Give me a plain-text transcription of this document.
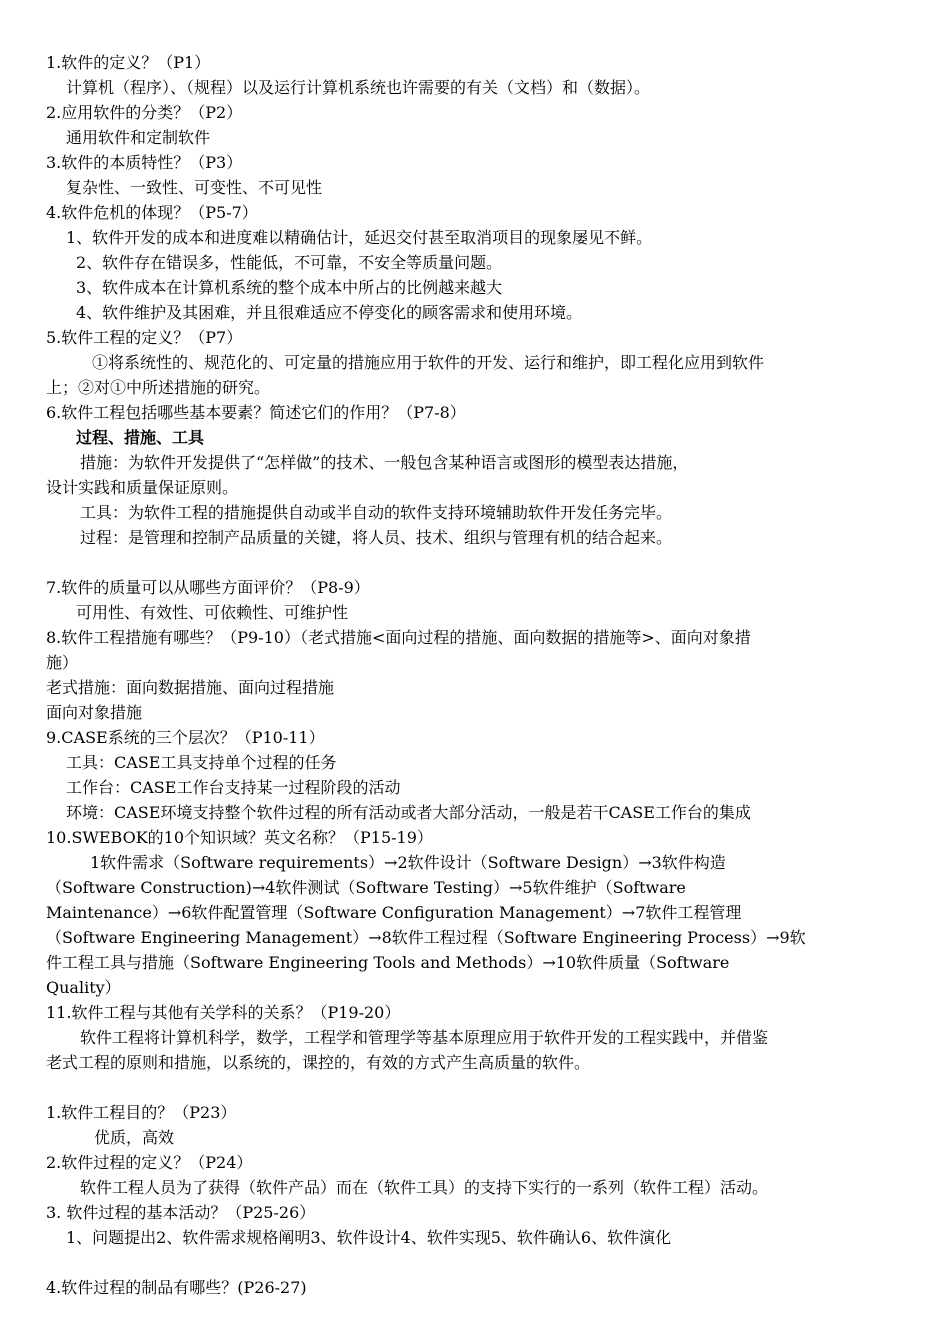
1.软件的定义？（P1）
计算机（程序）、（规程）以及运行计算机系统也许需要的有关（文档）和（数据）。
2.应用软件的分类？（P2）
通用软件和定制软件
3.软件的本质特性？（P3）
复杂性、一致性、可变性、不可见性
4.软件危机的体现？（P5-7）
1、软件开发的成本和进度难以精确估计，延迟交付甚至取消项目的现象屡见不鲜。
2、软件存在错误多，性能低，不可靠，不安全等质量问题。
3、软件成本在计算机系统的整个成本中所占的比例越来越大
4、软件维护及其困难，并且很难适应不停变化的顾客需求和使用环境。
5.软件工程的定义？（P7）
①将系统性的、规范化的、可定量的措施应用于软件的开发、运行和维护，即工程化应用到软件
上；②对①中所述措施的研究。
6.软件工程包括哪些基本要素？简述它们的作用？（P7-8）
过程、措施、工具
措施：为软件开发提供了“怎样做”的技术、一般包含某种语言或图形的模型表达措施，
设计实践和质量保证原则。
工具：为软件工程的措施提供自动或半自动的软件支持环境辅助软件开发任务完毕。
过程：是管理和控制产品质量的关键，将人员、技术、组织与管理有机的结合起来。
7.软件的质量可以从哪些方面评价？（P8-9）
可用性、有效性、可依赖性、可维护性
8.软件工程措施有哪些？（P9-10）（老式措施<面向过程的措施、面向数据的措施等>、面向对象措
施）
老式措施：面向数据措施、面向过程措施
面向对象措施
9.CASE系统的三个层次？（P10-11）
工具：CASE工具支持单个过程的任务
工作台：CASE工作台支持某一过程阶段的活动
环境：CASE环境支持整个软件过程的所有活动或者大部分活动，一般是若干CASE工作台的集成
10.SWEBOK的10个知识域？英文名称？（P15-19）
1软件需求（Software requirements）→2软件设计（Software Design）→3软件构造
（Software Construction)→4软件测试（Software Testing）→5软件维护（Software
Maintenance）→6软件配置管理（Software Configuration Management）→7软件工程管理
（Software Engineering Management）→8软件工程过程（Software Engineering Process）→9软
件工程工具与措施（Software Engineering Tools and Methods）→10软件质量（Software
Quality）
11.软件工程与其他有关学科的关系？（P19-20）
软件工程将计算机科学，数学，工程学和管理学等基本原理应用于软件开发的工程实践中，并借鉴
老式工程的原则和措施，以系统的，课控的，有效的方式产生高质量的软件。
1.软件工程目的？（P23）
优质，高效
2.软件过程的定义？（P24）
软件工程人员为了获得（软件产品）而在（软件工具）的支持下实行的一系列（软件工程）活动。
3. 软件过程的基本活动？（P25-26）
1、问题提出2、软件需求规格阐明3、软件设计4、软件实现5、软件确认6、软件演化
4.软件过程的制品有哪些？(P26-27)
